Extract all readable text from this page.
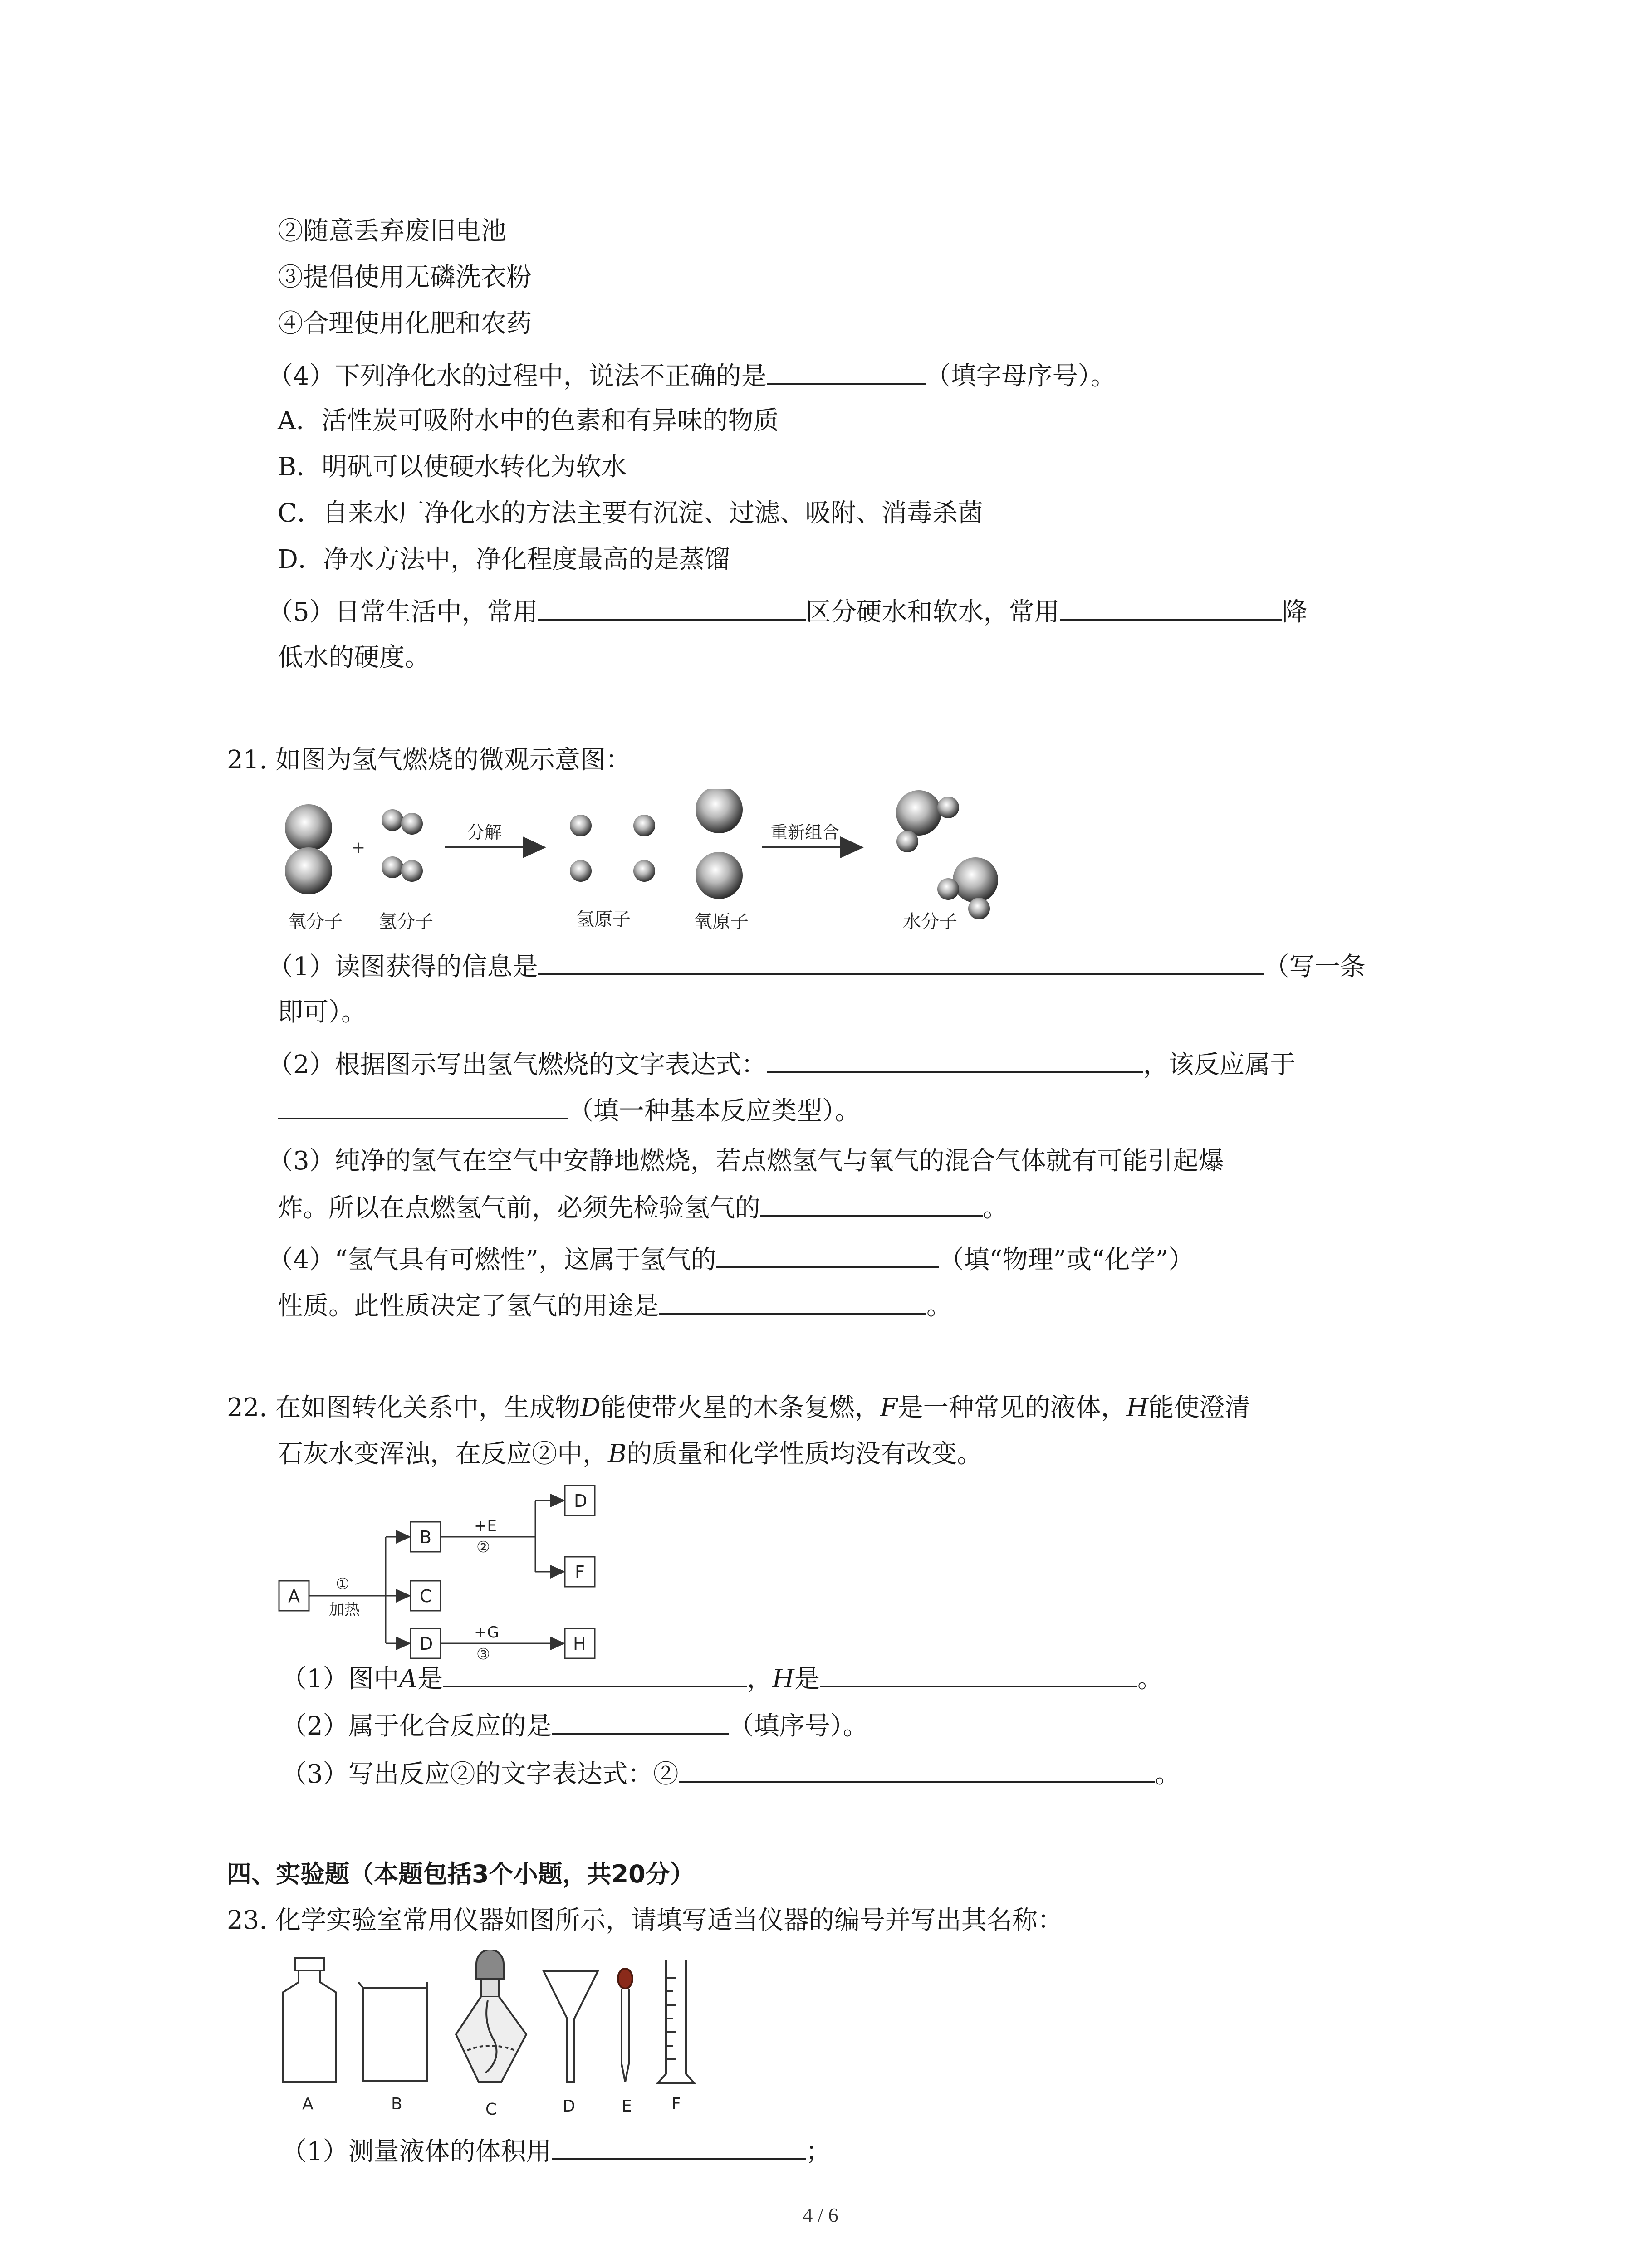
②随意丢弃废旧电池
③提倡使用无磷洗衣粉
④合理使用化肥和农药
（4）下列净化水的过程中，说法不正确的是	（填字母序号）。
A．活性炭可吸附水中的色素和有异味的物质
B．明矾可以使硬水转化为软水
C．自来水厂净化水的方法主要有沉淀、过滤、吸附、消毒杀菌
D．净水方法中，净化程度最高的是蒸馏
（5）日常生活中，常用	区分硬水和软水，常用	降
低水的硬度。
21. 如图为氢气燃烧的微观示意图：
+
分解	重新组合
氧分子 氢分子	氢原子	氧原子	水分子
（1）读图获得的信息是	（写一条
即可）。
（2）根据图示写出氢气燃烧的文字表达式：	，该反应属于
（填一种基本反应类型）。
（3）纯净的氢气在空气中安静地燃烧，若点燃氢气与氧气的混合气体就有可能引起爆
炸。所以在点燃氢气前，必须先检验氢气的	。
（4）“氢气具有可燃性”，这属于氢气的	（填“物理”或“化学”）
性质。此性质决定了氢气的用途是	。
22. 在如图转化关系中，生成物D能使带火星的木条复燃，F是一种常见的液体，H能使澄清
石灰水变浑浊，在反应②中，B的质量和化学性质均没有改变。
A
B
C
D
D
F
H
①
加热
+E
②
+G
③
（1）图中A是	，H是	。
（2）属于化合反应的是	（填序号）。
（3）写出反应②的文字表达式：②	。
四、实验题（本题包括3个小题，共20分）
23. 化学实验室常用仪器如图所示，请填写适当仪器的编号并写出其名称：
A	B	C	D	E F
（1）测量液体的体积用	；
4 / 6
